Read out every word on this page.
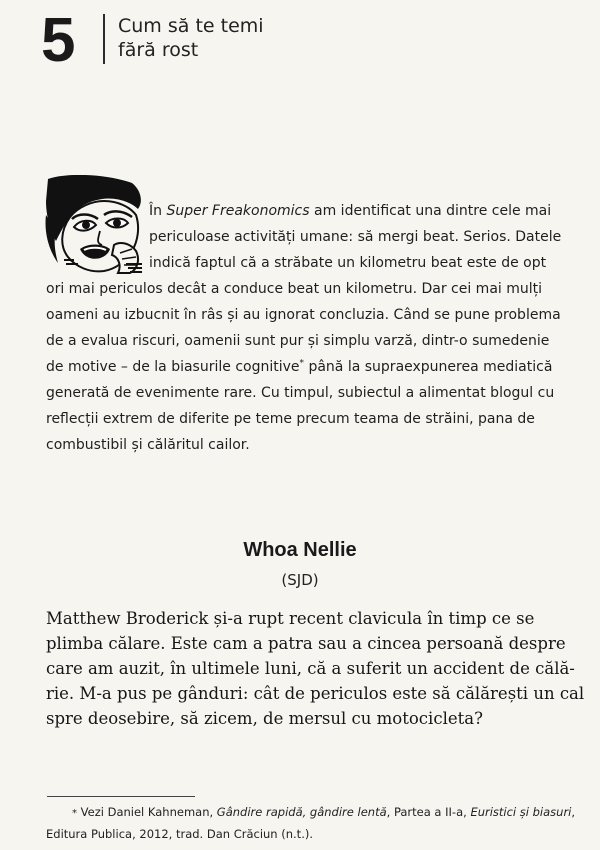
5 Cum să te temi
fără rost
În Super Freakonomics am identificat una dintre cele mai
periculoase activități umane: să mergi beat. Serios. Datele
indică faptul că a străbate un kilometru beat este de opt
ori mai periculos decât a conduce beat un kilometru. Dar cei mai mulți
oameni au izbucnit în râs și au ignorat concluzia. Când se pune problema
de a evalua riscuri, oamenii sunt pur și simplu varză, dintr-o sumedenie
de motive – de la biasurile cognitive* până la supraexpunerea mediatică
generată de evenimente rare. Cu timpul, subiectul a alimentat blogul cu
reflecții extrem de diferite pe teme precum teama de străini, pana de
combustibil și călăritul cailor.
Whoa Nellie
(SJD)
Matthew Broderick și-a rupt recent clavicula în timp ce se
plimba călare. Este cam a patra sau a cincea persoană despre
care am auzit, în ultimele luni, că a suferit un accident de călă-
rie. M-a pus pe gânduri: cât de periculos este să călărești un cal
spre deosebire, să zicem, de mersul cu motocicleta?
* Vezi Daniel Kahneman, Gândire rapidă, gândire lentă, Partea a II-a, Euristici și biasuri,
Editura Publica, 2012, trad. Dan Crăciun (n.t.).
